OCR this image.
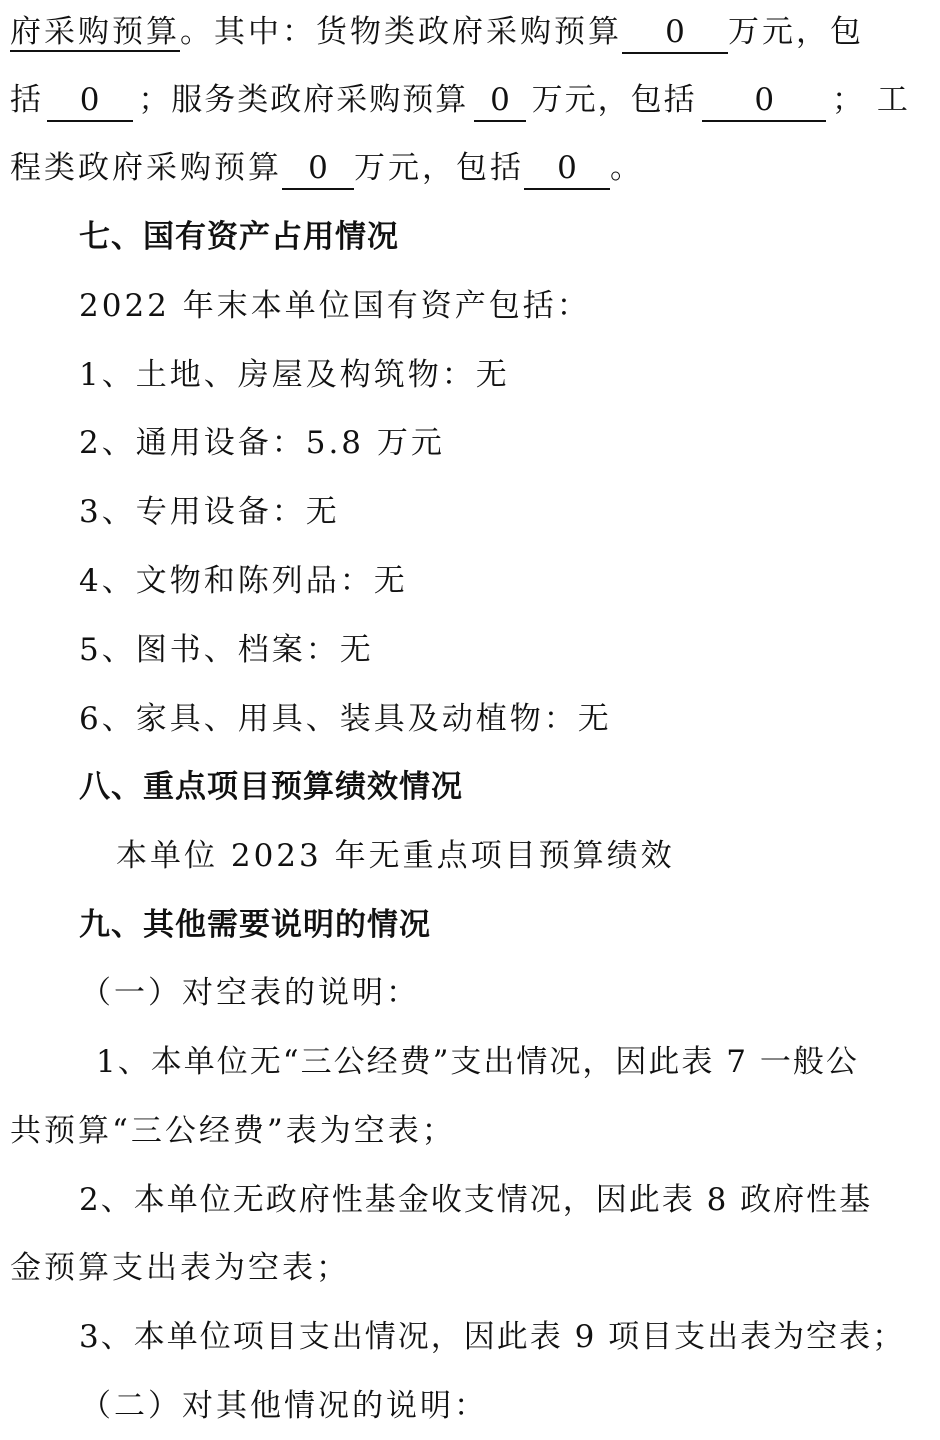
府采购预算。其中：货物类政府采购预算 0 万元，包
括	0	；服务类政府采购预算 0 万元，包括	0	；工
程类政府采购预算 0 万元，包括 0 。
七、国有资产占用情况
2022 年末本单位国有资产包括：
1、土地、房屋及构筑物：无
2、通用设备：5.8 万元
3、专用设备：无
4、文物和陈列品：无
5、图书、档案：无
6、家具、用具、装具及动植物：无
八、重点项目预算绩效情况
本单位 2023 年无重点项目预算绩效
九、其他需要说明的情况
（一）对空表的说明：
1、本单位无“三公经费”支出情况，因此表 7 一般公
共预算“三公经费”表为空表；
2、本单位无政府性基金收支情况，因此表 8 政府性基
金预算支出表为空表；
3、本单位项目支出情况，因此表 9 项目支出表为空表；
（二）对其他情况的说明：
